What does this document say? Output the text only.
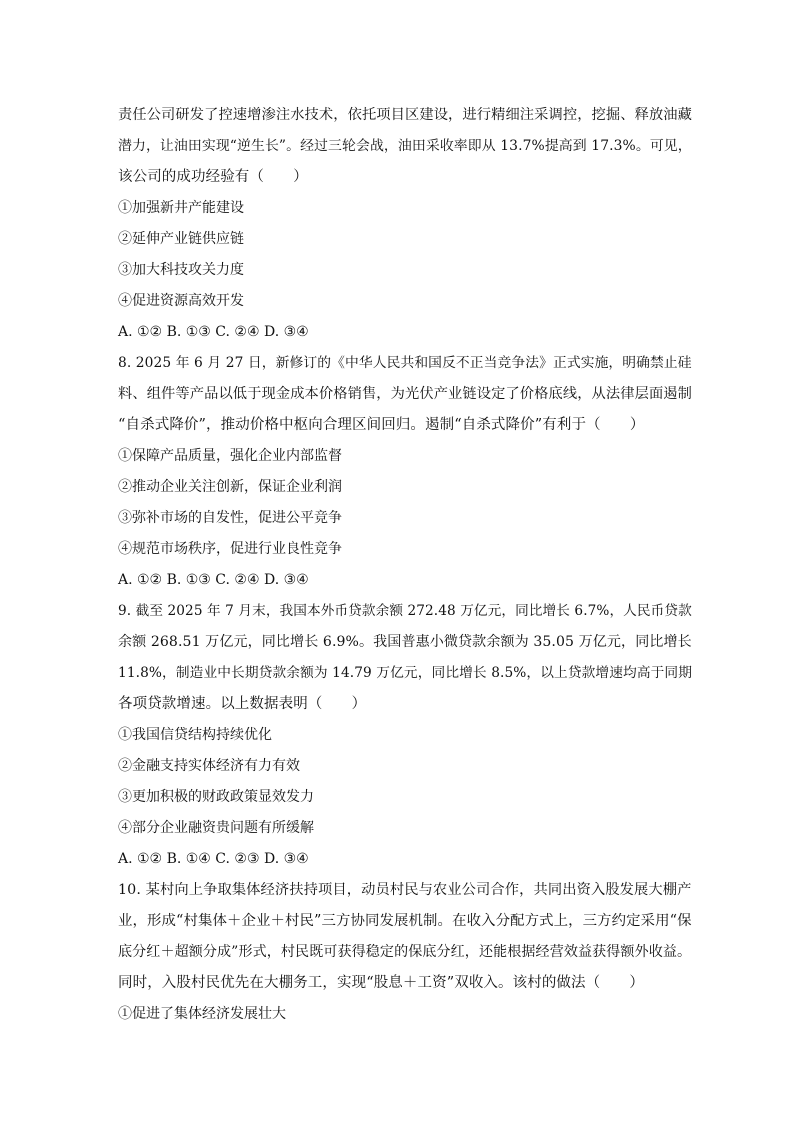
责任公司研发了控速增渗注水技术，依托项目区建设，进行精细注采调控，挖掘、释放油藏
潜力，让油田实现“逆生长”。经过三轮会战，油田采收率即从 13.7%提高到 17.3%。可见，
该公司的成功经验有（　　）
①加强新井产能建设
②延伸产业链供应链
③加大科技攻关力度
④促进资源高效开发
A. ①② B. ①③ C. ②④ D. ③④
8. 2025 年 6 月 27 日，新修订的《中华人民共和国反不正当竞争法》正式实施，明确禁止硅
料、组件等产品以低于现金成本价格销售，为光伏产业链设定了价格底线，从法律层面遏制
“自杀式降价”，推动价格中枢向合理区间回归。遏制“自杀式降价”有利于（　　）
①保障产品质量，强化企业内部监督
②推动企业关注创新，保证企业利润
③弥补市场的自发性，促进公平竞争
④规范市场秩序，促进行业良性竞争
A. ①② B. ①③ C. ②④ D. ③④
9. 截至 2025 年 7 月末，我国本外币贷款余额 272.48 万亿元，同比增长 6.7%，人民币贷款
余额 268.51 万亿元，同比增长 6.9%。我国普惠小微贷款余额为 35.05 万亿元，同比增长
11.8%，制造业中长期贷款余额为 14.79 万亿元，同比增长 8.5%，以上贷款增速均高于同期
各项贷款增速。以上数据表明（　　）
①我国信贷结构持续优化
②金融支持实体经济有力有效
③更加积极的财政政策显效发力
④部分企业融资贵问题有所缓解
A. ①② B. ①④ C. ②③ D. ③④
10. 某村向上争取集体经济扶持项目，动员村民与农业公司合作，共同出资入股发展大棚产
业，形成“村集体＋企业＋村民”三方协同发展机制。在收入分配方式上，三方约定采用“保
底分红＋超额分成”形式，村民既可获得稳定的保底分红，还能根据经营效益获得额外收益。
同时，入股村民优先在大棚务工，实现“股息＋工资”双收入。该村的做法（　　）
①促进了集体经济发展壮大
